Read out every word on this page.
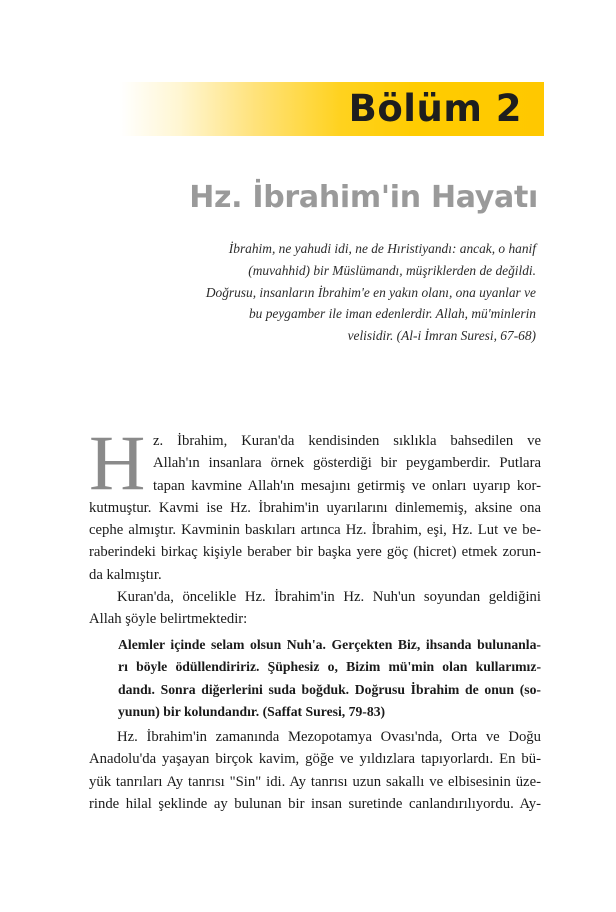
Bölüm 2
Hz. İbrahim'in Hayatı
İbrahim, ne yahudi idi, ne de Hıristiyandı: ancak, o hanif
(muvahhid) bir Müslümandı, müşriklerden de değildi.
Doğrusu, insanların İbrahim'e en yakın olanı, ona uyanlar ve
bu peygamber ile iman edenlerdir. Allah, mü'minlerin
velisidir. (Al-i İmran Suresi, 67-68)
H z. İbrahim, Kuran'da kendisinden sıklıkla bahsedilen ve
Allah'ın insanlara örnek gösterdiği bir peygamberdir. Putlara
tapan kavmine Allah'ın mesajını getirmiş ve onları uyarıp kor-
kutmuştur. Kavmi ise Hz. İbrahim'in uyarılarını dinlememiş, aksine ona
cephe almıştır. Kavminin baskıları artınca Hz. İbrahim, eşi, Hz. Lut ve be-
raberindeki birkaç kişiyle beraber bir başka yere göç (hicret) etmek zorun-
da kalmıştır.
Kuran'da, öncelikle Hz. İbrahim'in Hz. Nuh'un soyundan geldiğini
Allah şöyle belirtmektedir:
Alemler içinde selam olsun Nuh'a. Gerçekten Biz, ihsanda bulunanla-
rı böyle ödüllendiririz. Şüphesiz o, Bizim mü'min olan kullarımız-
dandı. Sonra diğerlerini suda boğduk. Doğrusu İbrahim de onun (so-
yunun) bir kolundandır. (Saffat Suresi, 79-83)
Hz. İbrahim'in zamanında Mezopotamya Ovası'nda, Orta ve Doğu
Anadolu'da yaşayan birçok kavim, göğe ve yıldızlara tapıyorlardı. En bü-
yük tanrıları Ay tanrısı "Sin" idi. Ay tanrısı uzun sakallı ve elbisesinin üze-
rinde hilal şeklinde ay bulunan bir insan suretinde canlandırılıyordu. Ay-
